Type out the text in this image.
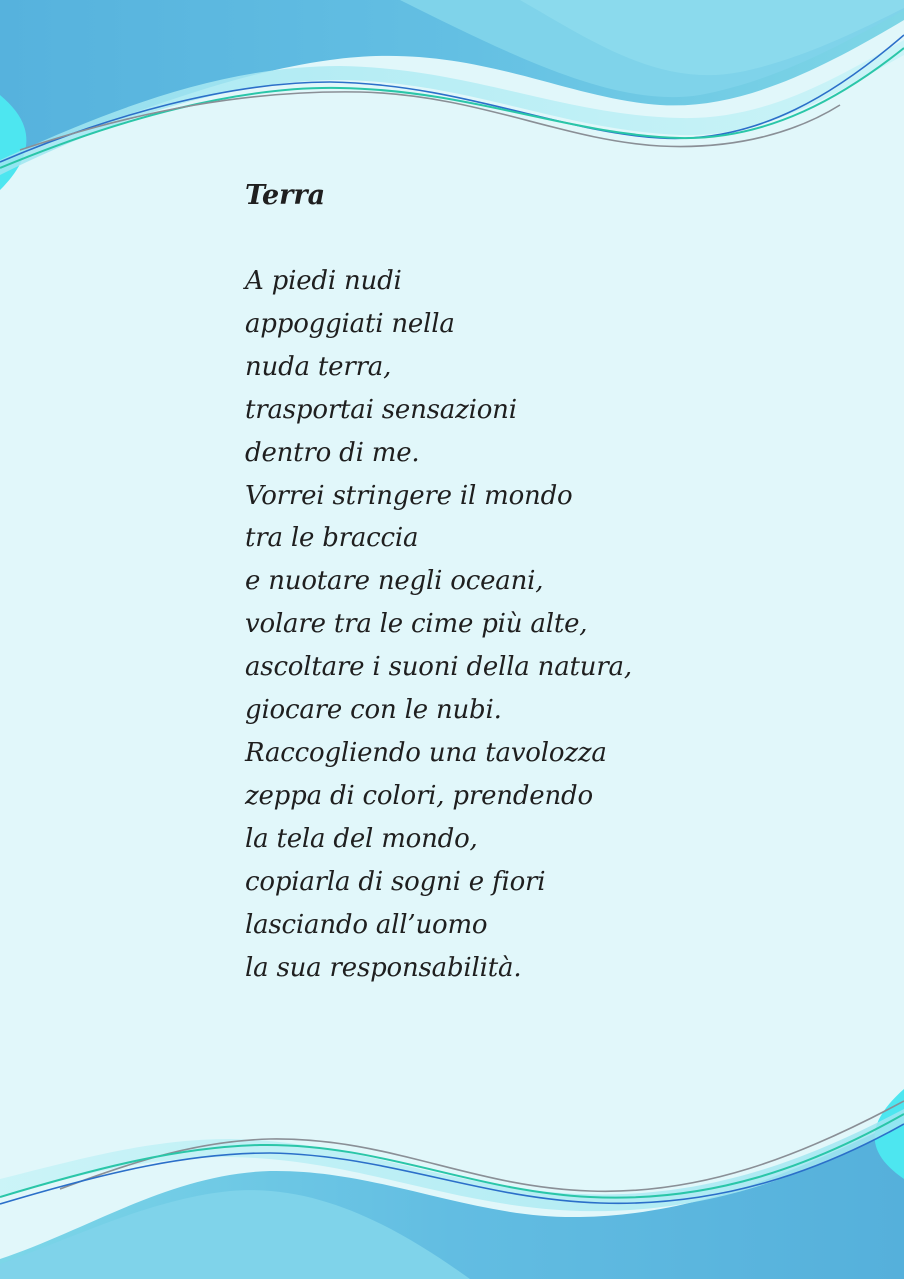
Terra
A piedi nudi
appoggiati nella
nuda terra,
trasportai sensazioni
dentro di me.
Vorrei stringere il mondo
tra le braccia
e nuotare negli oceani,
volare tra le cime più alte,
ascoltare i suoni della natura,
giocare con le nubi.
Raccogliendo una tavolozza
zeppa di colori, prendendo
la tela del mondo,
copiarla di sogni e fiori
lasciando all’uomo
la sua responsabilità.
